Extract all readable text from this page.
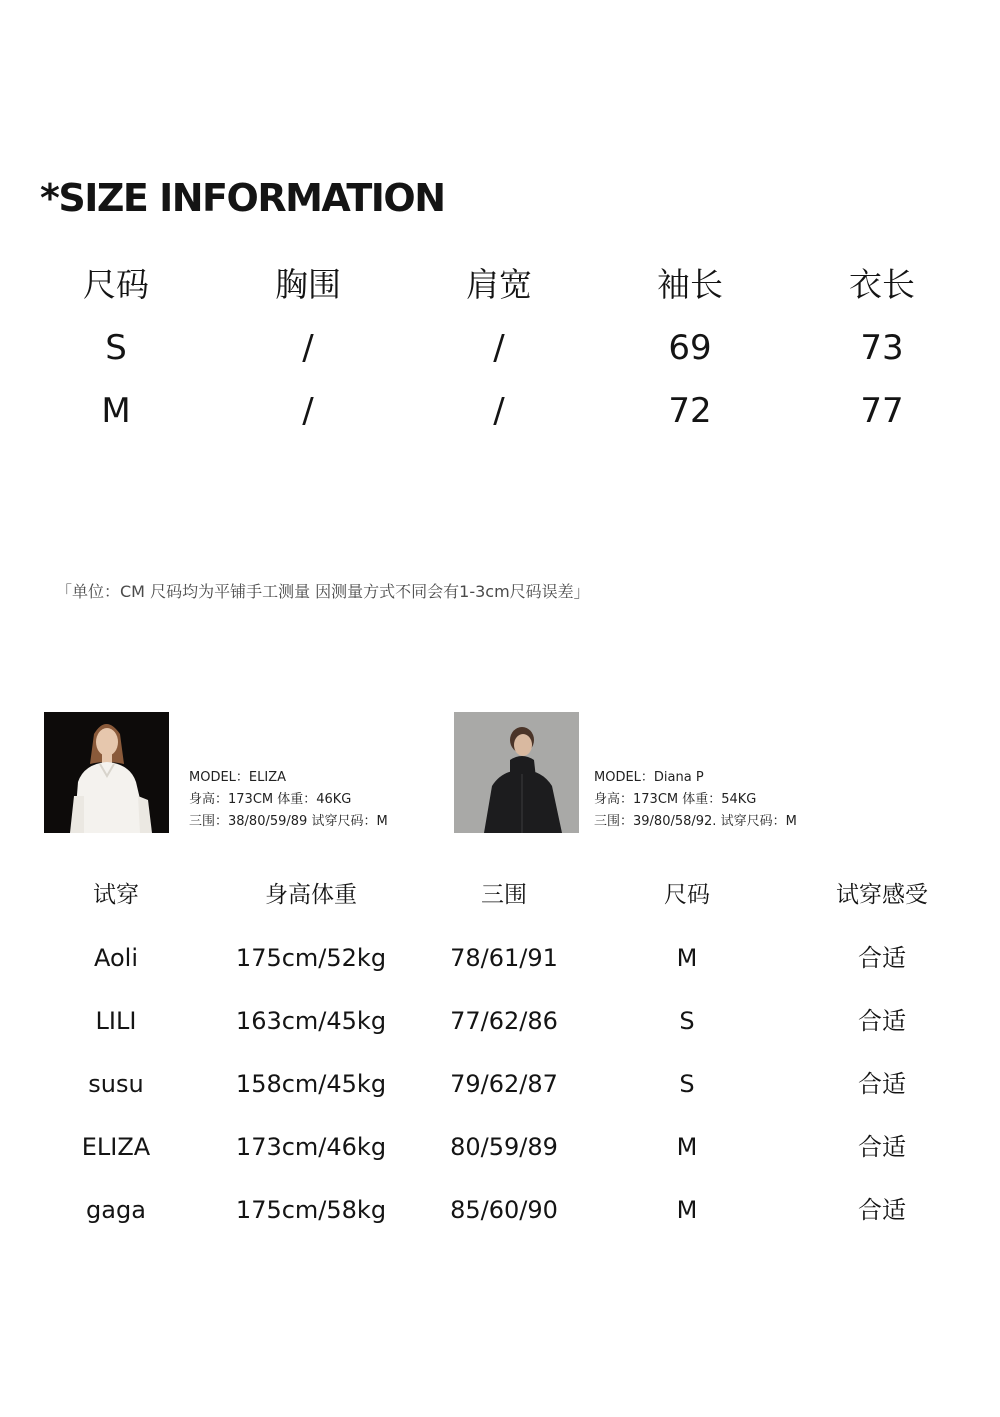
*SIZE INFORMATION
尺码	胸围	肩宽	袖长	衣长
S	/	/	69	73
M	/	/	72	77
「单位：CM 尺码均为平铺手工测量 因测量方式不同会有1-3cm尺码误差」
MODEL：ELIZA
身高：173CM 体重：46KG
三围：38/80/59/89 试穿尺码：M
MODEL：Diana P
身高：173CM 体重：54KG
三围：39/80/58/92. 试穿尺码：M
试穿	身高体重	三围	尺码	试穿感受
Aoli	175cm/52kg	78/61/91	M	合适
LILI	163cm/45kg	77/62/86	S	合适
susu	158cm/45kg	79/62/87	S	合适
ELIZA	173cm/46kg	80/59/89	M	合适
gaga	175cm/58kg	85/60/90	M	合适
